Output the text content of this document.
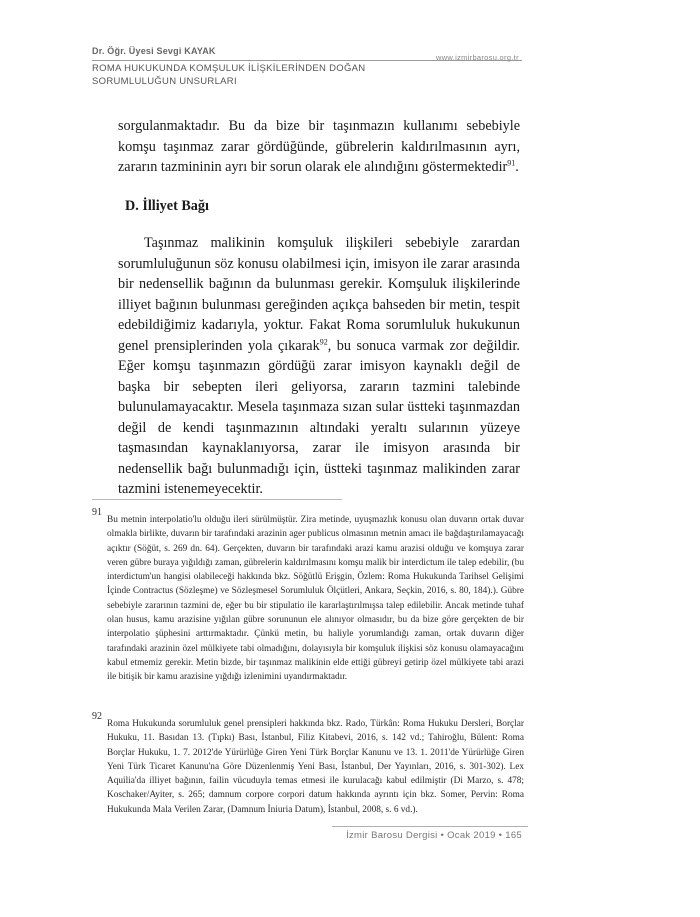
Dr. Öğr. Üyesi Sevgi KAYAK
ROMA HUKUKUNDA KOMŞULUK İLİŞKİLERİNDEN DOĞAN SORUMLULUĞUN UNSURLARI
www.izmirbarosu.org.tr

sorgulanmaktadır. Bu da bize bir taşınmazın kullanımı sebebiyle komşu taşınmaz zarar gördüğünde, gübrelerin kaldırılmasının ayrı, zararın tazmininin ayrı bir sorun olarak ele alındığını göstermektedir$^{91}$.

D. İlliyet Bağı

Taşınmaz malikinin komşuluk ilişkileri sebebiyle zarardan sorumluluğunun söz konusu olabilmesi için, imisyon ile zarar arasında bir nedensellik bağının da bulunması gerekir. Komşuluk ilişkilerinde illiyet bağının bulunması gereğinden açıkça bahseden bir metin, tespit edebildiğimiz kadarıyla, yoktur. Fakat Roma sorumluluk hukukunun genel prensiplerinden yola çıkarak$^{92}$, bu sonuca varmak zor değildir. Eğer komşu taşınmazın gördüğü zarar imisyon kaynaklı değil de başka bir sebepten ileri geliyorsa, zararın tazmini talebinde bulunulamayacaktır. Mesela taşınmaza sızan sular üstteki taşınmazdan değil de kendi taşınmazının altındaki yeraltı sularının yüzeye taşmasından kaynaklanıyorsa, zarar ile imisyon arasında bir nedensellik bağı bulunmadığı için, üstteki taşınmaz malikinden zarar tazmini istenemeyecektir.

91
Bu metnin interpolatio'lu olduğu ileri sürülmüştür. Zira metinde, uyuşmazlık konusu olan duvarın ortak duvar olmakla birlikte, duvarın bir tarafındaki arazinin ager publicus olmasının metnin amacı ile bağdaştırılamayacağı açıktır (Söğüt, s. 269 dn. 64). Gerçekten, duvarın bir tarafındaki arazi kamu arazisi olduğu ve komşuya zarar veren gübre buraya yığıldığı zaman, gübrelerin kaldırılmasını komşu malik bir interdictum ile talep edebilir, (bu interdictum'un hangisi olabileceği hakkında bkz. Söğütlü Erişgin, Özlem: Roma Hukukunda Tarihsel Gelişimi İçinde Contractus (Sözleşme) ve Sözleşmesel Sorumluluk Ölçütleri, Ankara, Seçkin, 2016, s. 80, 184).). Gübre sebebiyle zararının tazmini de, eğer bu bir stipulatio ile kararlaştırılmışsa talep edilebilir. Ancak metinde tuhaf olan husus, kamu arazisine yığılan gübre sorununun ele alınıyor olmasıdır, bu da bize göre gerçekten de bir interpolatio şüphesini arttırmaktadır. Çünkü metin, bu haliyle yorumlandığı zaman, ortak duvarın diğer tarafındaki arazinin özel mülkiyete tabi olmadığını, dolayısıyla bir komşuluk ilişkisi söz konusu olamayacağını kabul etmemiz gerekir. Metin bizde, bir taşınmaz malikinin elde ettiği gübreyi getirip özel mülkiyete tabi arazi ile bitişik bir kamu arazisine yığdığı izlenimini uyandırmaktadır.
92
Roma Hukukunda sorumluluk genel prensipleri hakkında bkz. Rado, Türkân: Roma Hukuku Dersleri, Borçlar Hukuku, 11. Basıdan 13. (Tıpkı) Bası, İstanbul, Filiz Kitabevi, 2016, s. 142 vd.; Tahiroğlu, Bülent: Roma Borçlar Hukuku, 1. 7. 2012'de Yürürlüğe Giren Yeni Türk Borçlar Kanunu ve 13. 1. 2011'de Yürürlüğe Giren Yeni Türk Ticaret Kanunu'na Göre Düzenlenmiş Yeni Bası, İstanbul, Der Yayınları, 2016, s. 301-302). Lex Aquilia'da illiyet bağının, failin vücuduyla temas etmesi ile kurulacağı kabul edilmiştir (Di Marzo, s. 478; Koschaker/Ayiter, s. 265; damnum corpore corpori datum hakkında ayrıntı için bkz. Somer, Pervin: Roma Hukukunda Mala Verilen Zarar, (Damnum İniuria Datum), İstanbul, 2008, s. 6 vd.).
İzmir Barosu Dergisi • Ocak 2019 • 165
